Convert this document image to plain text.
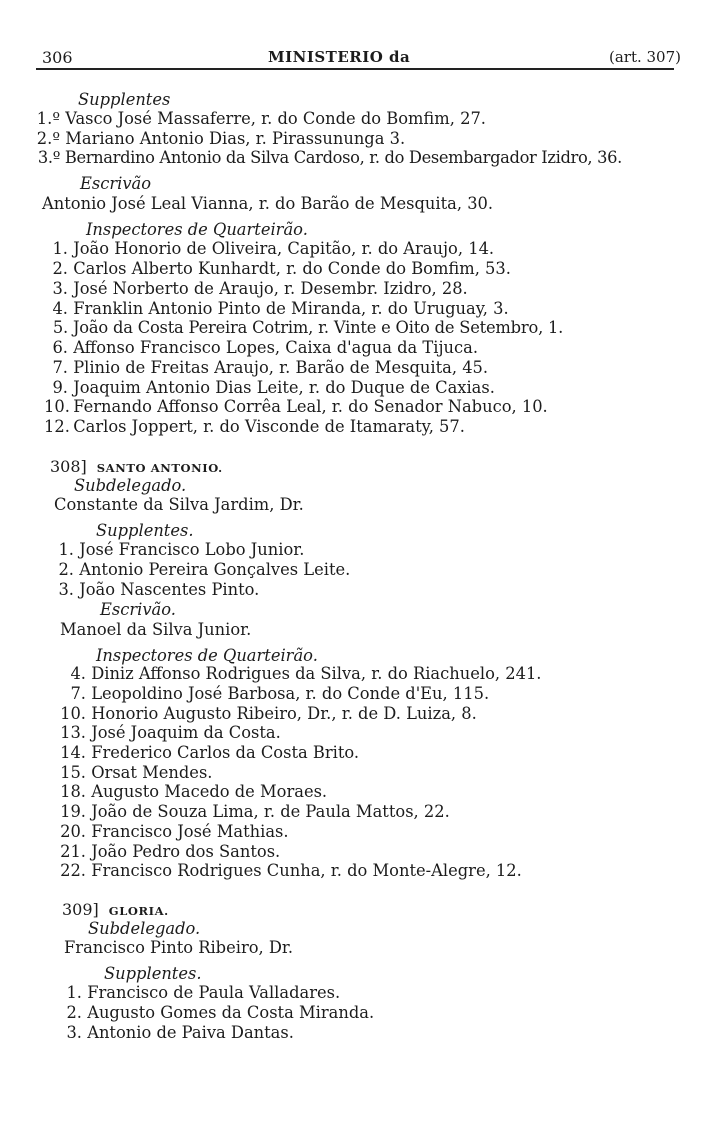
306	MINISTERIO da	(art. 307)
Supplentes
1.º Vasco José Massaferre, r. do Conde do Bomfim, 27.
2.º Mariano Antonio Dias, r. Pirassununga 3.
3.º Bernardino Antonio da Silva Cardoso, r. do Desembargador Izidro, 36.
Escrivão
Antonio José Leal Vianna, r. do Barão de Mesquita, 30.
Inspectores de Quarteirão.
1. João Honorio de Oliveira, Capitão, r. do Araujo, 14.
2. Carlos Alberto Kunhardt, r. do Conde do Bomfim, 53.
3. José Norberto de Araujo, r. Desembr. Izidro, 28.
4. Franklin Antonio Pinto de Miranda, r. do Uruguay, 3.
5. João da Costa Pereira Cotrim, r. Vinte e Oito de Setembro, 1.
6. Affonso Francisco Lopes, Caixa d'agua da Tijuca.
7. Plinio de Freitas Araujo, r. Barão de Mesquita, 45.
9. Joaquim Antonio Dias Leite, r. do Duque de Caxias.
10. Fernando Affonso Corrêa Leal, r. do Senador Nabuco, 10.
12. Carlos Joppert, r. do Visconde de Itamaraty, 57.
308] SANTO ANTONIO.
Subdelegado.
Constante da Silva Jardim, Dr.
Supplentes.
1. José Francisco Lobo Junior.
2. Antonio Pereira Gonçalves Leite.
3. João Nascentes Pinto.
Escrivão.
Manoel da Silva Junior.
Inspectores de Quarteirão.
4. Diniz Affonso Rodrigues da Silva, r. do Riachuelo, 241.
7. Leopoldino José Barbosa, r. do Conde d'Eu, 115.
10. Honorio Augusto Ribeiro, Dr., r. de D. Luiza, 8.
13. José Joaquim da Costa.
14. Frederico Carlos da Costa Brito.
15. Orsat Mendes.
18. Augusto Macedo de Moraes.
19. João de Souza Lima, r. de Paula Mattos, 22.
20. Francisco José Mathias.
21. João Pedro dos Santos.
22. Francisco Rodrigues Cunha, r. do Monte-Alegre, 12.
309] GLORIA.
Subdelegado.
Francisco Pinto Ribeiro, Dr.
Supplentes.
1. Francisco de Paula Valladares.
2. Augusto Gomes da Costa Miranda.
3. Antonio de Paiva Dantas.
